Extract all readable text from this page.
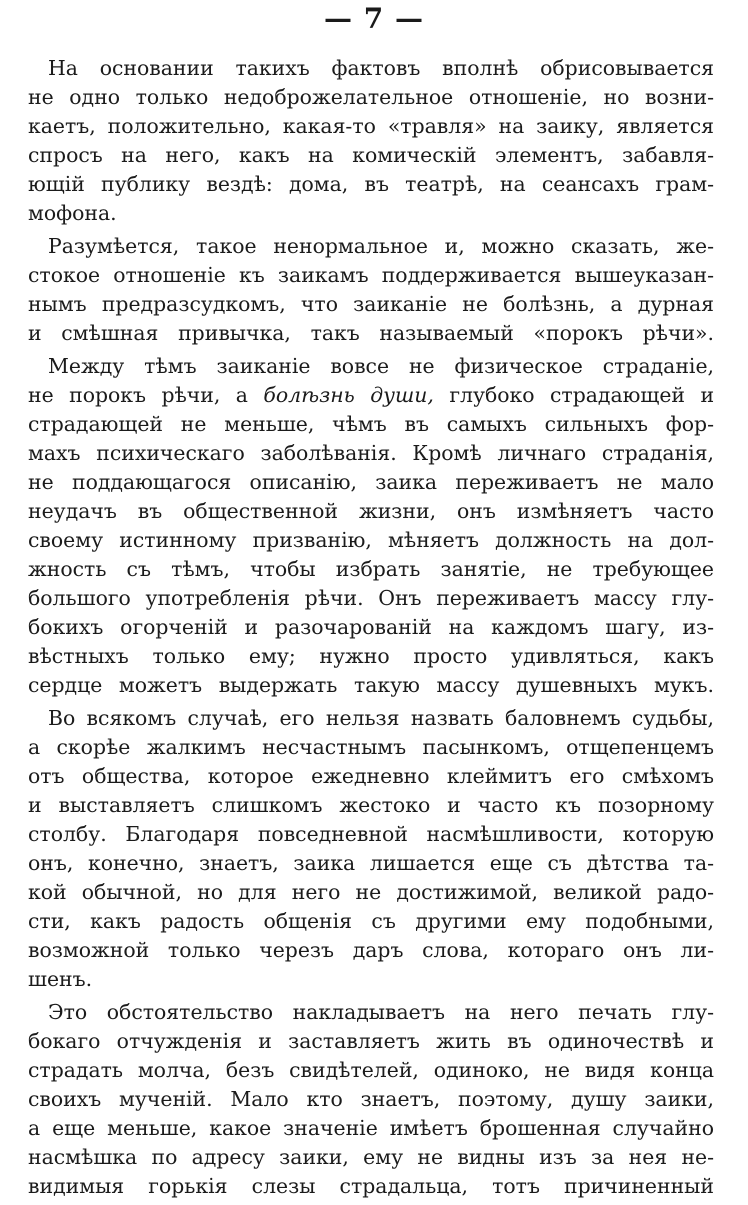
— 7 —
На основании такихъ фактовъ вполнѣ обрисовывается
не одно только недоброжелательное отношеніе, но возни-
каетъ, положительно, какая-то «травля» на заику, является
спросъ на него, какъ на комическій элементъ, забавля-
ющій публику вездѣ: дома, въ театрѣ, на сеансахъ грам-
мофона.
Разумѣется, такое ненормальное и, можно сказать, же-
стокое отношеніе къ заикамъ поддерживается вышеуказан-
нымъ предразсудкомъ, что заиканіе не болѣзнь, а дурная
и смѣшная привычка, такъ называемый «порокъ рѣчи».
Между тѣмъ заиканіе вовсе не физическое страданіе,
не порокъ рѣчи, а болѣзнь души, глубоко страдающей и
страдающей не меньше, чѣмъ въ самыхъ сильныхъ фор-
махъ психическаго заболѣванія. Кромѣ личнаго страданія,
не поддающагося описанію, заика переживаетъ не мало
неудачъ въ общественной жизни, онъ измѣняетъ часто
своему истинному призванію, мѣняетъ должность на дол-
жность съ тѣмъ, чтобы избрать занятіе, не требующее
большого употребленія рѣчи. Онъ переживаетъ массу глу-
бокихъ огорченій и разочарованій на каждомъ шагу, из-
вѣстныхъ только ему; нужно просто удивляться, какъ
сердце можетъ выдержать такую массу душевныхъ мукъ.
Во всякомъ случаѣ, его нельзя назвать баловнемъ судьбы,
а скорѣе жалкимъ несчастнымъ пасынкомъ, отщепенцемъ
отъ общества, которое ежедневно клеймитъ его смѣхомъ
и выставляетъ слишкомъ жестоко и часто къ позорному
столбу. Благодаря повседневной насмѣшливости, которую
онъ, конечно, знаетъ, заика лишается еще съ дѣтства та-
кой обычной, но для него не достижимой, великой радо-
сти, какъ радость общенія съ другими ему подобными,
возможной только черезъ даръ слова, котораго онъ ли-
шенъ.
Это обстоятельство накладываетъ на него печать глу-
бокаго отчужденія и заставляетъ жить въ одиночествѣ и
страдать молча, безъ свидѣтелей, одиноко, не видя конца
своихъ мученій. Мало кто знаетъ, поэтому, душу заики,
а еще меньше, какое значеніе имѣетъ брошенная случайно
насмѣшка по адресу заики, ему не видны изъ за нея не-
видимыя горькія слезы страдальца, тотъ причиненный
